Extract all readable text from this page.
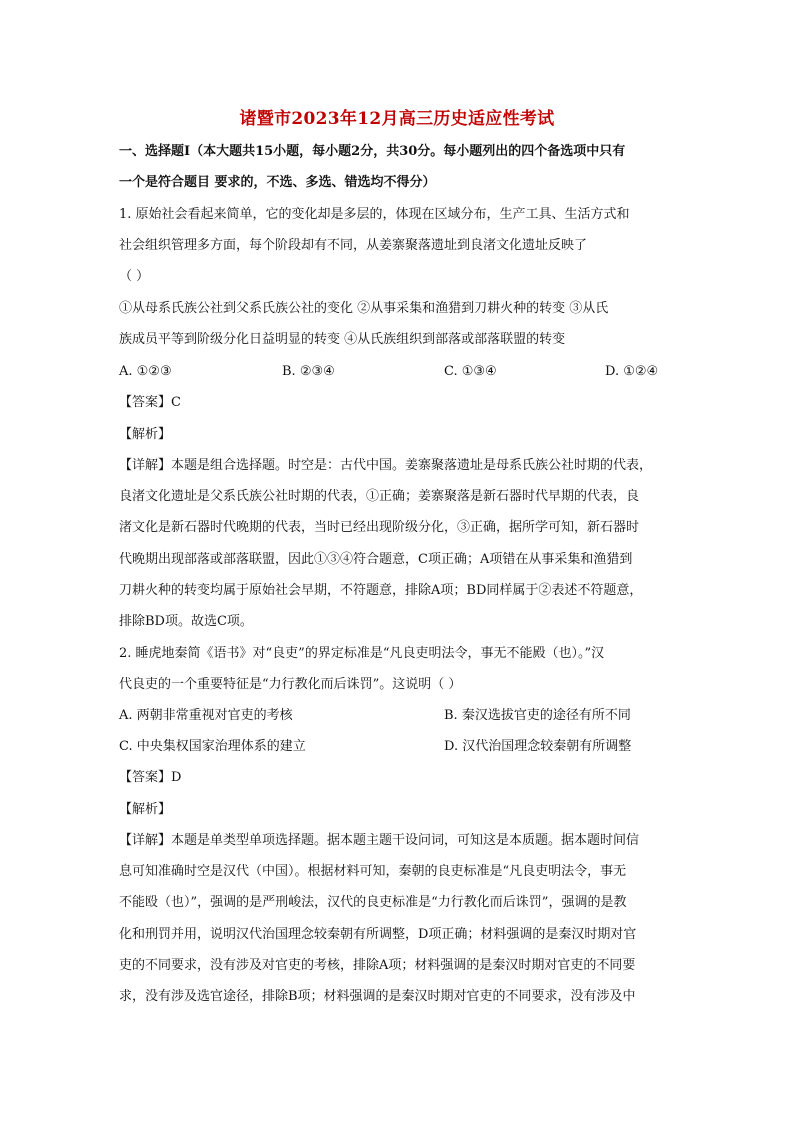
诸暨市2023年12月高三历史适应性考试
一、选择题Ⅰ（本大题共15小题，每小题2分，共30分。每小题列出的四个备选项中只有
一个是符合题目 要求的，不选、多选、错选均不得分）
1. 原始社会看起来简单，它的变化却是多层的，体现在区域分布，生产工具、生活方式和
社会组织管理多方面，每个阶段却有不同，从姜寨聚落遗址到良渚文化遗址反映了
（ ）
①从母系氏族公社到父系氏族公社的变化 ②从事采集和渔猎到刀耕火种的转变 ③从氏
族成员平等到阶级分化日益明显的转变 ④从氏族组织到部落或部落联盟的转变
A. ①②③	B. ②③④	C. ①③④	D. ①②④
【答案】C
【解析】
【详解】本题是组合选择题。时空是：古代中国。姜寨聚落遗址是母系氏族公社时期的代表，
良渚文化遗址是父系氏族公社时期的代表，①正确；姜寨聚落是新石器时代早期的代表，良
渚文化是新石器时代晚期的代表，当时已经出现阶级分化，③正确，据所学可知，新石器时
代晚期出现部落或部落联盟，因此①③④符合题意，C项正确；A项错在从事采集和渔猎到
刀耕火种的转变均属于原始社会早期，不符题意，排除A项；BD同样属于②表述不符题意，
排除BD项。故选C项。
2. 睡虎地秦简《语书》对“良吏”的界定标准是“凡良吏明法令，事无不能殿（也）。”汉
代良吏的一个重要特征是“力行教化而后诛罚”。这说明（ ）
A. 两朝非常重视对官吏的考核	B. 秦汉选拔官吏的途径有所不同
C. 中央集权国家治理体系的建立	D. 汉代治国理念较秦朝有所调整
【答案】D
【解析】
【详解】本题是单类型单项选择题。据本题主题干设问词，可知这是本质题。据本题时间信
息可知准确时空是汉代（中国）。根据材料可知，秦朝的良吏标准是“凡良吏明法令，事无
不能殴（也）”，强调的是严刑峻法，汉代的良吏标准是“力行教化而后诛罚”，强调的是教
化和刑罚并用，说明汉代治国理念较秦朝有所调整，D项正确；材料强调的是秦汉时期对官
吏的不同要求，没有涉及对官吏的考核，排除A项；材料强调的是秦汉时期对官吏的不同要
求，没有涉及选官途径，排除B项；材料强调的是秦汉时期对官吏的不同要求，没有涉及中
